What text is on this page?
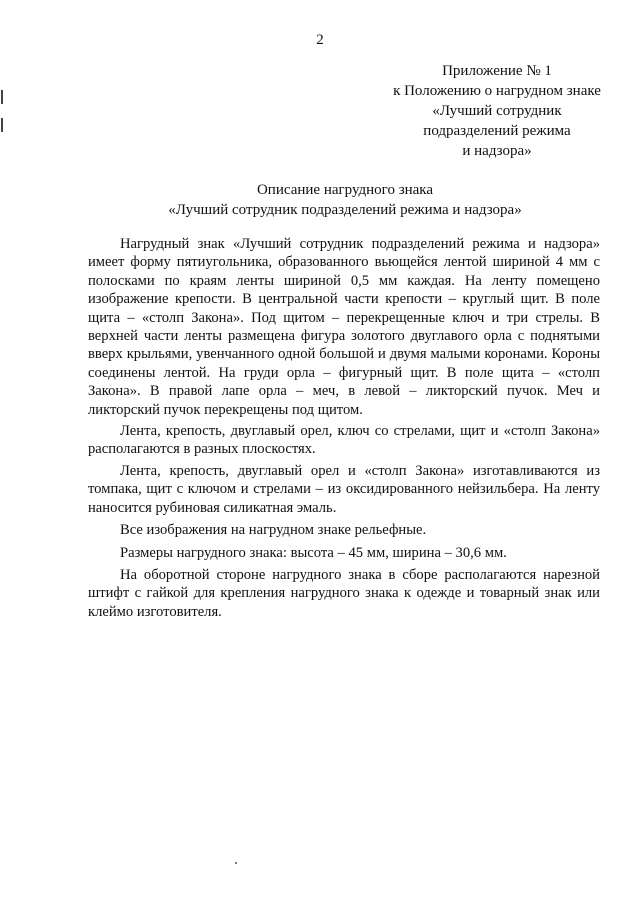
2
Приложение № 1
к Положению о нагрудном знаке
«Лучший сотрудник
подразделений режима
и надзора»
Описание нагрудного знака
«Лучший сотрудник подразделений режима и надзора»

Нагрудный знак «Лучший сотрудник подразделений режима и надзора» имеет форму пятиугольника, образованного вьющейся лентой шириной 4 мм с полосками по краям ленты шириной 0,5 мм каждая. На ленту помещено изображение крепости. В центральной части крепости – круглый щит. В поле щита – «столп Закона». Под щитом – перекрещенные ключ и три стрелы. В верхней части ленты размещена фигура золотого двуглавого орла с поднятыми вверх крыльями, увенчанного одной большой и двумя малыми коронами. Короны соединены лентой. На груди орла – фигурный щит. В поле щита – «столп Закона». В правой лапе орла – меч, в левой – ликторский пучок. Меч и ликторский пучок перекрещены под щитом.

Лента, крепость, двуглавый орел, ключ со стрелами, щит и «столп Закона» располагаются в разных плоскостях.

Лента, крепость, двуглавый орел и «столп Закона» изготавливаются из томпака, щит с ключом и стрелами – из оксидированного нейзильбера. На ленту наносится рубиновая силикатная эмаль.

Все изображения на нагрудном знаке рельефные.

Размеры нагрудного знака: высота – 45 мм, ширина – 30,6 мм.

На оборотной стороне нагрудного знака в сборе располагаются нарезной штифт с гайкой для крепления нагрудного знака к одежде и товарный знак или клеймо изготовителя.
